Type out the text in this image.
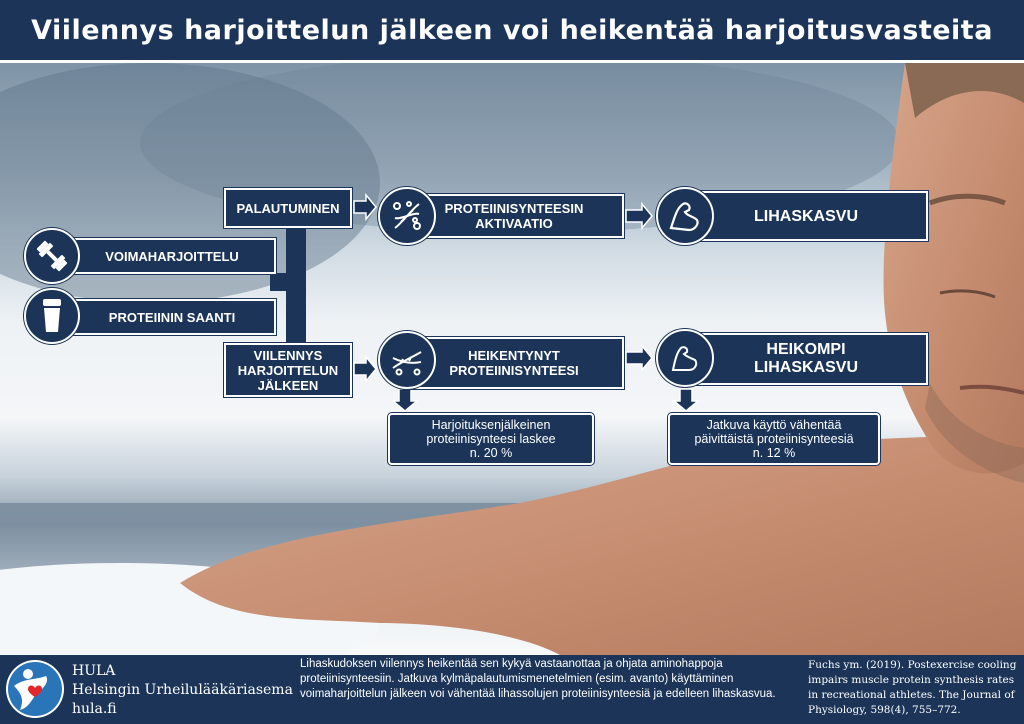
Viilennys harjoittelun jälkeen voi heikentää harjoitusvasteita
VOIMAHARJOITTELU
PROTEIININ SAANTI
PALAUTUMINEN	PROTEIINISYNTEESIN
AKTIVAATIO	LIHASKASVU
VIILENNYS
HARJOITTELUN
JÄLKEEN
HEIKENTYNYT
PROTEIINISYNTEESI
HEIKOMPI
LIHASKASVU
Harjoituksenjälkeinen
proteiinisynteesi laskee
n. 20 %
Jatkuva käyttö vähentää
päivittäistä proteiinisynteesiä
n. 12 %
HULA
Helsingin Urheilulääkäriasema
hula.fi
Lihaskudoksen viilennys heikentää sen kykyä vastaanottaa ja ohjata aminohappoja proteiinisynteesiin. Jatkuva kylmäpalautumismenetelmien (esim. avanto) käyttäminen voimaharjoittelun jälkeen voi vähentää lihassolujen proteiinisynteesiä ja edelleen lihaskasvua.
Fuchs ym. (2019). Postexercise cooling impairs muscle protein synthesis rates in recreational athletes. The Journal of Physiology, 598(4), 755–772.
